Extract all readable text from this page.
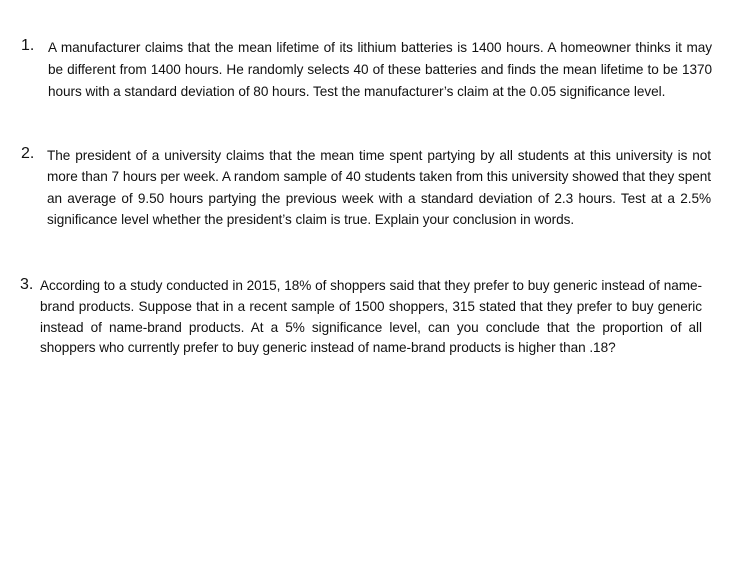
1. A manufacturer claims that the mean lifetime of its lithium batteries is 1400 hours. A homeowner thinks it may be different from 1400 hours. He randomly selects 40 of these batteries and finds the mean lifetime to be 1370 hours with a standard deviation of 80 hours. Test the manufacturer’s claim at the 0.05 significance level.
2. The president of a university claims that the mean time spent partying by all students at this university is not more than 7 hours per week. A random sample of 40 students taken from this university showed that they spent an average of 9.50 hours partying the previous week with a standard deviation of 2.3 hours. Test at a 2.5% significance level whether the president’s claim is true. Explain your conclusion in words.
3. According to a study conducted in 2015, 18% of shoppers said that they prefer to buy generic instead of name-brand products. Suppose that in a recent sample of 1500 shoppers, 315 stated that they prefer to buy generic instead of name-brand products. At a 5% significance level, can you conclude that the proportion of all shoppers who currently prefer to buy generic instead of name-brand products is higher than .18?
